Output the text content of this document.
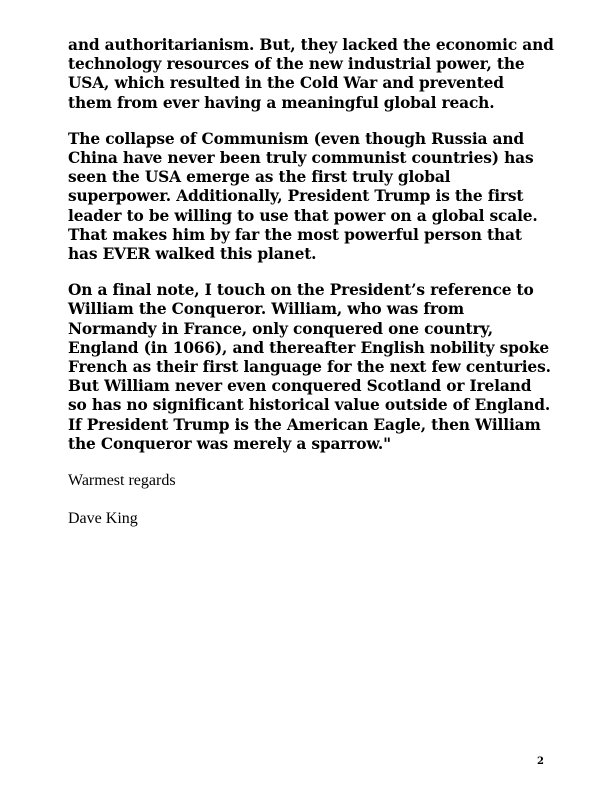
and authoritarianism. But, they lacked the economic and
technology resources of the new industrial power, the
USA, which resulted in the Cold War and prevented
them from ever having a meaningful global reach.

The collapse of Communism (even though Russia and
China have never been truly communist countries) has
seen the USA emerge as the first truly global
superpower. Additionally, President Trump is the first
leader to be willing to use that power on a global scale.
That makes him by far the most powerful person that
has EVER walked this planet.

On a final note, I touch on the President’s reference to
William the Conqueror. William, who was from
Normandy in France, only conquered one country,
England (in 1066), and thereafter English nobility spoke
French as their first language for the next few centuries.
But William never even conquered Scotland or Ireland
so has no significant historical value outside of England.
If President Trump is the American Eagle, then William
the Conqueror was merely a sparrow."

Warmest regards

Dave King

2
